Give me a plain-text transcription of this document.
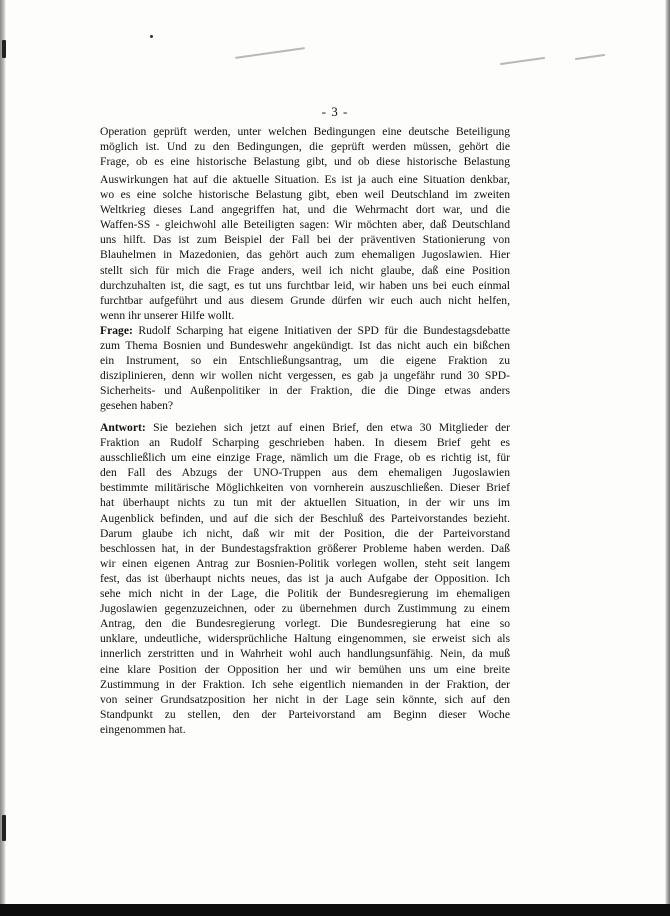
- 3 -
Operation geprüft werden, unter welchen Bedingungen eine deutsche Beteiligung
möglich ist. Und zu den Bedingungen, die geprüft werden müssen, gehört die
Frage, ob es eine historische Belastung gibt, und ob diese historische Belastung
Auswirkungen hat auf die aktuelle Situation. Es ist ja auch eine Situation denkbar,
wo es eine solche historische Belastung gibt, eben weil Deutschland im zweiten
Weltkrieg dieses Land angegriffen hat, und die Wehrmacht dort war, und die
Waffen-SS - gleichwohl alle Beteiligten sagen: Wir möchten aber, daß Deutschland
uns hilft. Das ist zum Beispiel der Fall bei der präventiven Stationierung von
Blauhelmen in Mazedonien, das gehört auch zum ehemaligen Jugoslawien. Hier
stellt sich für mich die Frage anders, weil ich nicht glaube, daß eine Position
durchzuhalten ist, die sagt, es tut uns furchtbar leid, wir haben uns bei euch einmal
furchtbar aufgeführt und aus diesem Grunde dürfen wir euch auch nicht helfen,
wenn ihr unserer Hilfe wollt.
Frage: Rudolf Scharping hat eigene Initiativen der SPD für die Bundestagsdebatte
zum Thema Bosnien und Bundeswehr angekündigt. Ist das nicht auch ein bißchen
ein Instrument, so ein Entschließungsantrag, um die eigene Fraktion zu
disziplinieren, denn wir wollen nicht vergessen, es gab ja ungefähr rund 30 SPD-
Sicherheits- und Außenpolitiker in der Fraktion, die die Dinge etwas anders
gesehen haben?
Antwort: Sie beziehen sich jetzt auf einen Brief, den etwa 30 Mitglieder der
Fraktion an Rudolf Scharping geschrieben haben. In diesem Brief geht es
ausschließlich um eine einzige Frage, nämlich um die Frage, ob es richtig ist, für
den Fall des Abzugs der UNO-Truppen aus dem ehemaligen Jugoslawien
bestimmte militärische Möglichkeiten von vornherein auszuschließen. Dieser Brief
hat überhaupt nichts zu tun mit der aktuellen Situation, in der wir uns im
Augenblick befinden, und auf die sich der Beschluß des Parteivorstandes bezieht.
Darum glaube ich nicht, daß wir mit der Position, die der Parteivorstand
beschlossen hat, in der Bundestagsfraktion größerer Probleme haben werden. Daß
wir einen eigenen Antrag zur Bosnien-Politik vorlegen wollen, steht seit langem
fest, das ist überhaupt nichts neues, das ist ja auch Aufgabe der Opposition. Ich
sehe mich nicht in der Lage, die Politik der Bundesregierung im ehemaligen
Jugoslawien gegenzuzeichnen, oder zu übernehmen durch Zustimmung zu einem
Antrag, den die Bundesregierung vorlegt. Die Bundesregierung hat eine so
unklare, undeutliche, widersprüchliche Haltung eingenommen, sie erweist sich als
innerlich zerstritten und in Wahrheit wohl auch handlungsunfähig. Nein, da muß
eine klare Position der Opposition her und wir bemühen uns um eine breite
Zustimmung in der Fraktion. Ich sehe eigentlich niemanden in der Fraktion, der
von seiner Grundsatzposition her nicht in der Lage sein könnte, sich auf den
Standpunkt zu stellen, den der Parteivorstand am Beginn dieser Woche
eingenommen hat.
